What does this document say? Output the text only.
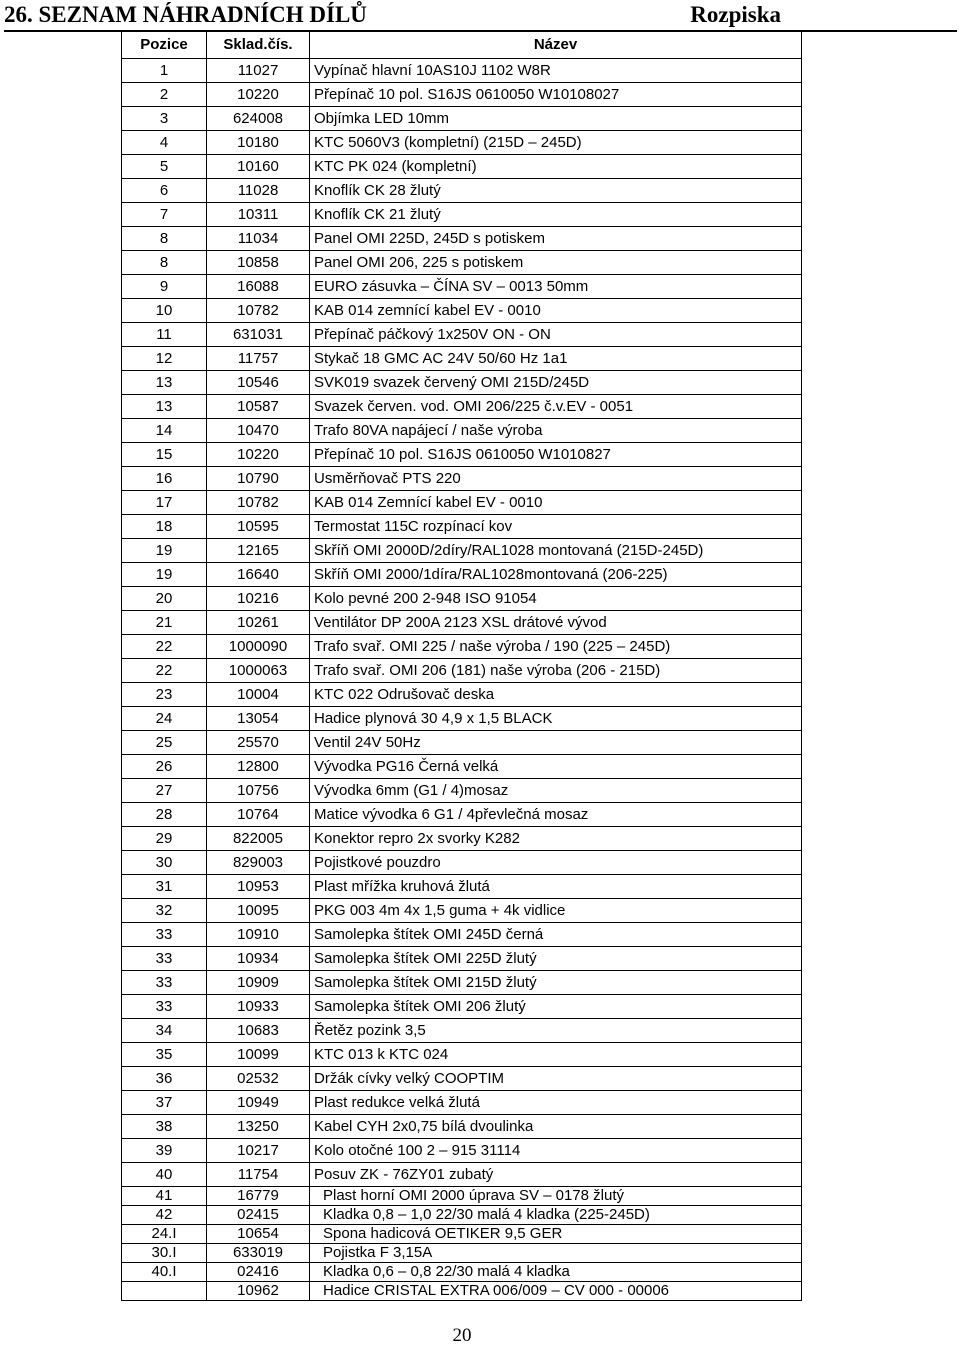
26. SEZNAM NÁHRADNÍCH DÍLŮ	Rozpiska
Pozice	Sklad.čís.	Název
1	11027	Vypínač hlavní 10AS10J 1102 W8R
2	10220	Přepínač 10 pol. S16JS 0610050 W10108027
3	624008	Objímka LED 10mm
4	10180	KTC 5060V3 (kompletní) (215D – 245D)
5	10160	KTC PK 024 (kompletní)
6	11028	Knoflík CK 28 žlutý
7	10311	Knoflík CK 21 žlutý
8	11034	Panel OMI 225D, 245D s potiskem
8	10858	Panel OMI 206, 225 s potiskem
9	16088	EURO zásuvka – ČÍNA SV – 0013 50mm
10	10782	KAB 014 zemnící kabel EV - 0010
11	631031	Přepínač páčkový 1x250V ON - ON
12	11757	Stykač 18 GMC AC 24V 50/60 Hz 1a1
13	10546	SVK019 svazek červený OMI 215D/245D
13	10587	Svazek červen. vod. OMI 206/225 č.v.EV - 0051
14	10470	Trafo 80VA napájecí / naše výroba
15	10220	Přepínač 10 pol. S16JS 0610050 W1010827
16	10790	Usměrňovač PTS 220
17	10782	KAB 014 Zemnící kabel EV - 0010
18	10595	Termostat 115C rozpínací kov
19	12165	Skříň OMI 2000D/2díry/RAL1028 montovaná (215D-245D)
19	16640	Skříň OMI 2000/1díra/RAL1028montovaná (206-225)
20	10216	Kolo pevné 200 2-948 ISO 91054
21	10261	Ventilátor DP 200A 2123 XSL drátové vývod
22	1000090	Trafo svař. OMI 225 / naše výroba / 190 (225 – 245D)
22	1000063	Trafo svař. OMI 206 (181) naše výroba (206 - 215D)
23	10004	KTC 022 Odrušovač deska
24	13054	Hadice plynová 30 4,9 x 1,5 BLACK
25	25570	Ventil 24V 50Hz
26	12800	Vývodka PG16 Černá velká
27	10756	Vývodka 6mm (G1 / 4)mosaz
28	10764	Matice vývodka 6 G1 / 4převlečná mosaz
29	822005	Konektor repro 2x svorky K282
30	829003	Pojistkové pouzdro
31	10953	Plast mřížka kruhová žlutá
32	10095	PKG 003 4m 4x 1,5 guma + 4k vidlice
33	10910	Samolepka štítek OMI 245D černá
33	10934	Samolepka štítek OMI 225D žlutý
33	10909	Samolepka štítek OMI 215D žlutý
33	10933	Samolepka štítek OMI 206 žlutý
34	10683	Řetěz pozink 3,5
35	10099	KTC 013 k KTC 024
36	02532	Držák cívky velký COOPTIM
37	10949	Plast redukce velká žlutá
38	13250	Kabel CYH 2x0,75 bílá dvoulinka
39	10217	Kolo otočné 100 2 – 915 31114
40	11754	Posuv ZK - 76ZY01 zubatý
41	16779	Plast horní OMI 2000 úprava SV – 0178 žlutý
42	02415	Kladka 0,8 – 1,0 22/30 malá 4 kladka (225-245D)
24.I	10654	Spona hadicová OETIKER 9,5 GER
30.I	633019	Pojistka F 3,15A
40.I	02416	Kladka 0,6 – 0,8 22/30 malá 4 kladka
	10962	Hadice CRISTAL EXTRA 006/009 – CV 000 - 00006
20
